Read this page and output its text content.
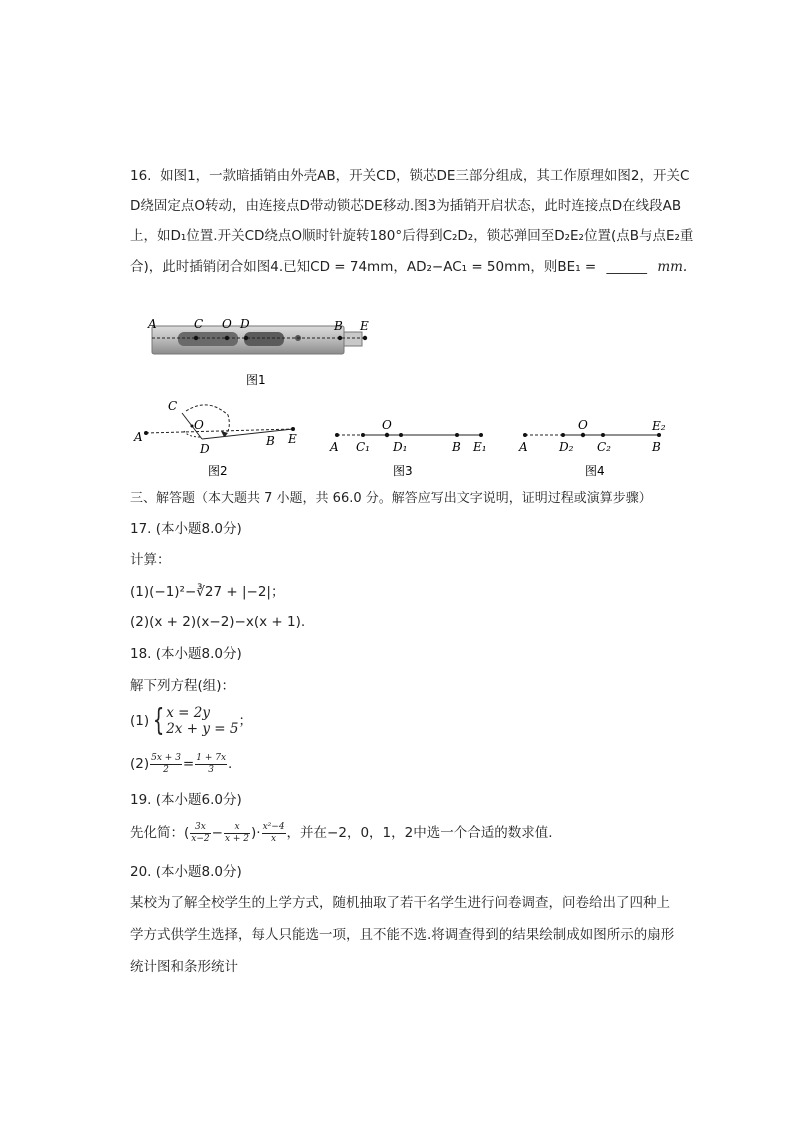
16. 如图1，一款暗插销由外壳AB，开关CD，锁芯DE三部分组成，其工作原理如图2，开关C
D绕固定点O转动，由连接点D带动锁芯DE移动.图3为插销开启状态，此时连接点D在线段AB
上，如D₁位置.开关CD绕点O顺时针旋转180°后得到C₂D₂，锁芯弹回至D₂E₂位置(点B与点E₂重
合)，此时插销闭合如图4.已知CD = 74mm，AD₂−AC₁ = 50mm，则BE₁ = ______ mm.
A	C O D	B E
图1
C
O
A
D
B E
图2
O
A C₁ D₁	B E₁
图3
O	E₂
A	D₂ C₂	B
图4
三、解答题（本大题共 7 小题，共 66.0 分。解答应写出文字说明，证明过程或演算步骤）
17. (本小题8.0分)
计算：
(1)(−1)²−∛27 + |−2|；
(2)(x + 2)(x−2)−x(x + 1).
18. (本小题8.0分)
解下列方程(组)：
(1) { x = 2y
2x + y = 5 ；
$(2) \frac{5x + 3}{2} = \frac{1 + 7x}{3}$ .
19. (本小题6.0分)
先化简：( $\frac{3x}{x-2} - \frac{x}{x + 2}$ )· $\frac{\text{x²−4}}{x}$ ，并在−2，0，1，2中选一个合适的数求值.
20. (本小题8.0分)
某校为了解全校学生的上学方式，随机抽取了若干名学生进行问卷调查，问卷给出了四种上
学方式供学生选择，每人只能选一项，且不能不选.将调查得到的结果绘制成如图所示的扇形
统计图和条形统计
